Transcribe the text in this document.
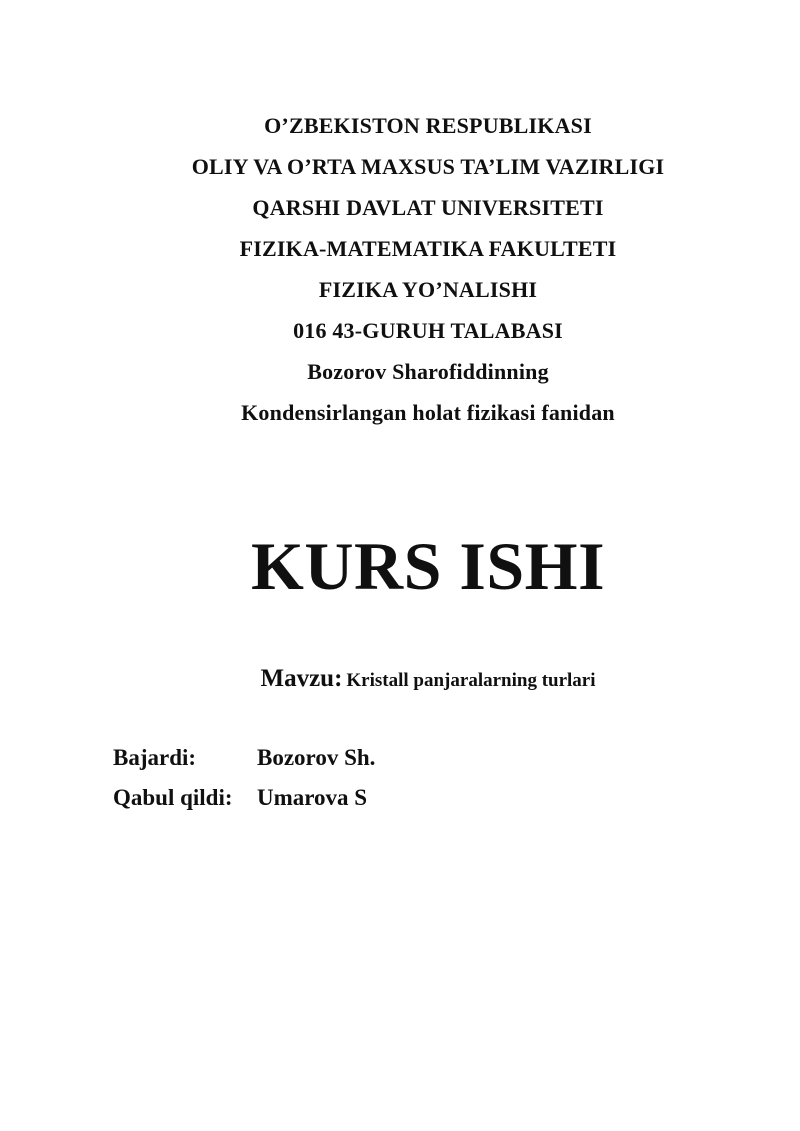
O’ZBEKISTON RESPUBLIKASI
OLIY VA O’RTA MAXSUS TA’LIM VAZIRLIGI
QARSHI DAVLAT UNIVERSITETI
FIZIKA-MATEMATIKA FAKULTETI
FIZIKA YO’NALISHI
016 43-GURUH TALABASI
Bozorov Sharofiddinning
Kondensirlangan holat fizikasi fanidan
KURS ISHI
Mavzu: Kristall panjaralarning turlari
Bajardi:	Bozorov Sh.
Qabul qildi:	Umarova S
